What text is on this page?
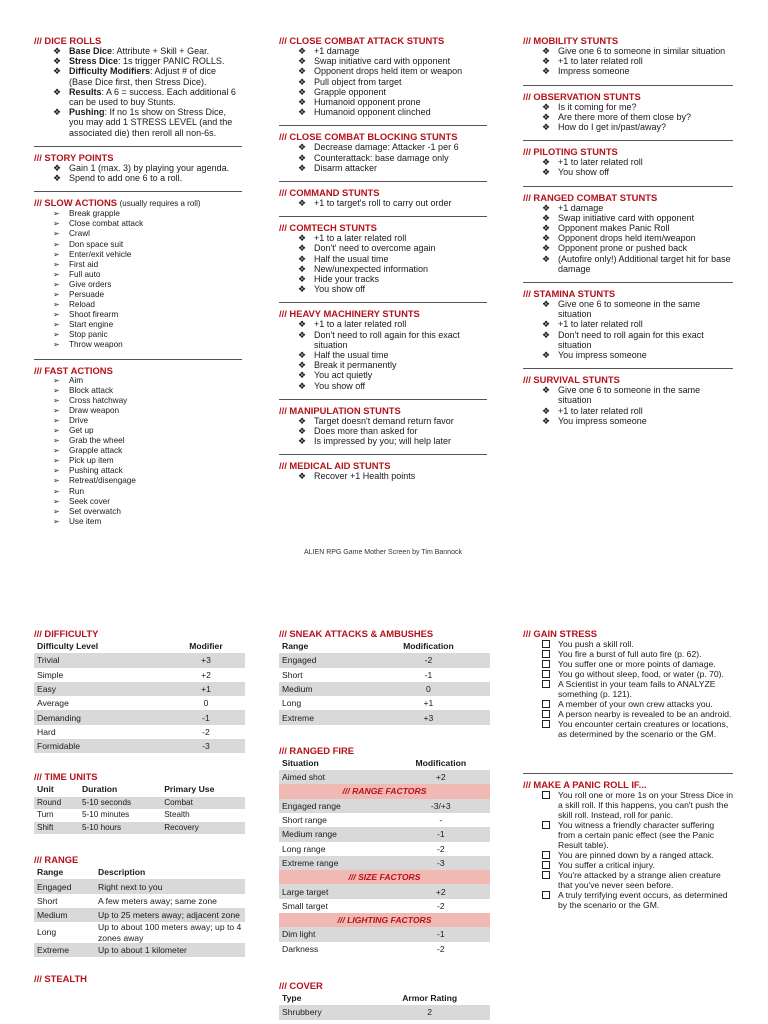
/// DICE ROLLS
❖ Base Dice: Attribute + Skill + Gear.
❖ Stress Dice: 1s trigger PANIC ROLLS.
❖ Difficulty Modifiers: Adjust # of dice (Base Dice first, then Stress Dice).
❖ Results: A 6 = success. Each additional 6 can be used to buy Stunts.
❖ Pushing: If no 1s show on Stress Dice, you may add 1 STRESS LEVEL (and the associated die) then reroll all non-6s.
/// STORY POINTS
❖ Gain 1 (max. 3) by playing your agenda.
❖ Spend to add one 6 to a roll.
/// SLOW ACTIONS (usually requires a roll)
➢ Break grapple
➢ Close combat attack
➢ Crawl
➢ Don space suit
➢ Enter/exit vehicle
➢ First aid
➢ Full auto
➢ Give orders
➢ Persuade
➢ Reload
➢ Shoot firearm
➢ Start engine
➢ Stop panic
➢ Throw weapon
/// FAST ACTIONS
➢ Aim
➢ Block attack
➢ Cross hatchway
➢ Draw weapon
➢ Drive
➢ Get up
➢ Grab the wheel
➢ Grapple attack
➢ Pick up item
➢ Pushing attack
➢ Retreat/disengage
➢ Run
➢ Seek cover
➢ Set overwatch
➢ Use item
/// CLOSE COMBAT ATTACK STUNTS
❖ +1 damage
❖ Swap initiative card with opponent
❖ Opponent drops held item or weapon
❖ Pull object from target
❖ Grapple opponent
❖ Humanoid opponent prone
❖ Humanoid opponent clinched
/// CLOSE COMBAT BLOCKING STUNTS
❖ Decrease damage: Attacker -1 per 6
❖ Counterattack: base damage only
❖ Disarm attacker
/// COMMAND STUNTS
❖ +1 to target's roll to carry out order
/// COMTECH STUNTS
❖ +1 to a later related roll
❖ Don't' need to overcome again
❖ Half the usual time
❖ New/unexpected information
❖ Hide your tracks
❖ You show off
/// HEAVY MACHINERY STUNTS
❖ +1 to a later related roll
❖ Don't need to roll again for this exact situation
❖ Half the usual time
❖ Break it permanently
❖ You act quietly
❖ You show off
/// MANIPULATION STUNTS
❖ Target doesn't demand return favor
❖ Does more than asked for
❖ Is impressed by you; will help later
/// MEDICAL AID STUNTS
❖ Recover +1 Health points
ALIEN RPG Game Mother Screen by Tim Bannock
/// MOBILITY STUNTS
❖ Give one 6 to someone in similar situation
❖ +1 to later related roll
❖ Impress someone
/// OBSERVATION STUNTS
❖ Is it coming for me?
❖ Are there more of them close by?
❖ How do I get in/past/away?
/// PILOTING STUNTS
❖ +1 to later related roll
❖ You show off
/// RANGED COMBAT STUNTS
❖ +1 damage
❖ Swap initiative card with opponent
❖ Opponent makes Panic Roll
❖ Opponent drops held item/weapon
❖ Opponent prone or pushed back
❖ (Autofire only!) Additional target hit for base damage
/// STAMINA STUNTS
❖ Give one 6 to someone in the same situation
❖ +1 to later related roll
❖ Don't need to roll again for this exact situation
❖ You impress someone
/// SURVIVAL STUNTS
❖ Give one 6 to someone in the same situation
❖ +1 to later related roll
❖ You impress someone
/// DIFFICULTY
Difficulty Level	Modifier
Trivial	+3
Simple	+2
Easy	+1
Average	0
Demanding	-1
Hard	-2
Formidable	-3
/// TIME UNITS
Unit	Duration	Primary Use
Round	5-10 seconds	Combat
Turn	5-10 minutes	Stealth
Shift	5-10 hours	Recovery
/// RANGE
Range	Description
Engaged	Right next to you
Short	A few meters away; same zone
Medium	Up to 25 meters away; adjacent zone
Long	Up to about 100 meters away; up to 4 zones away
Extreme	Up to about 1 kilometer
/// STEALTH
/// SNEAK ATTACKS & AMBUSHES
Range	Modification
Engaged	-2
Short	-1
Medium	0
Long	+1
Extreme	+3
/// RANGED FIRE
Situation	Modification
Aimed shot	+2
/// RANGE FACTORS	
Engaged range	-3/+3
Short range	-
Medium range	-1
Long range	-2
Extreme range	-3
/// SIZE FACTORS	
Large target	+2
Small target	-2
/// LIGHTING FACTORS	
Dim light	-1
Darkness	-2
/// COVER
Type	Armor Rating
Shrubbery	2
/// GAIN STRESS
You push a skill roll.
You fire a burst of full auto fire (p. 62).
You suffer one or more points of damage.
You go without sleep, food, or water (p. 70).
A Scientist in your team fails to ANALYZE something (p. 121).
A member of your own crew attacks you.
A person nearby is revealed to be an android.
You encounter certain creatures or locations, as determined by the scenario or the GM.
/// MAKE A PANIC ROLL IF...
You roll one or more 1s on your Stress Dice in a skill roll. If this happens, you can't push the skill roll. Instead, roll for panic.
You witness a friendly character suffering from a certain panic effect (see the Panic Result table).
You are pinned down by a ranged attack.
You suffer a critical injury.
You're attacked by a strange alien creature that you've never seen before.
A truly terrifying event occurs, as determined by the scenario or the GM.
